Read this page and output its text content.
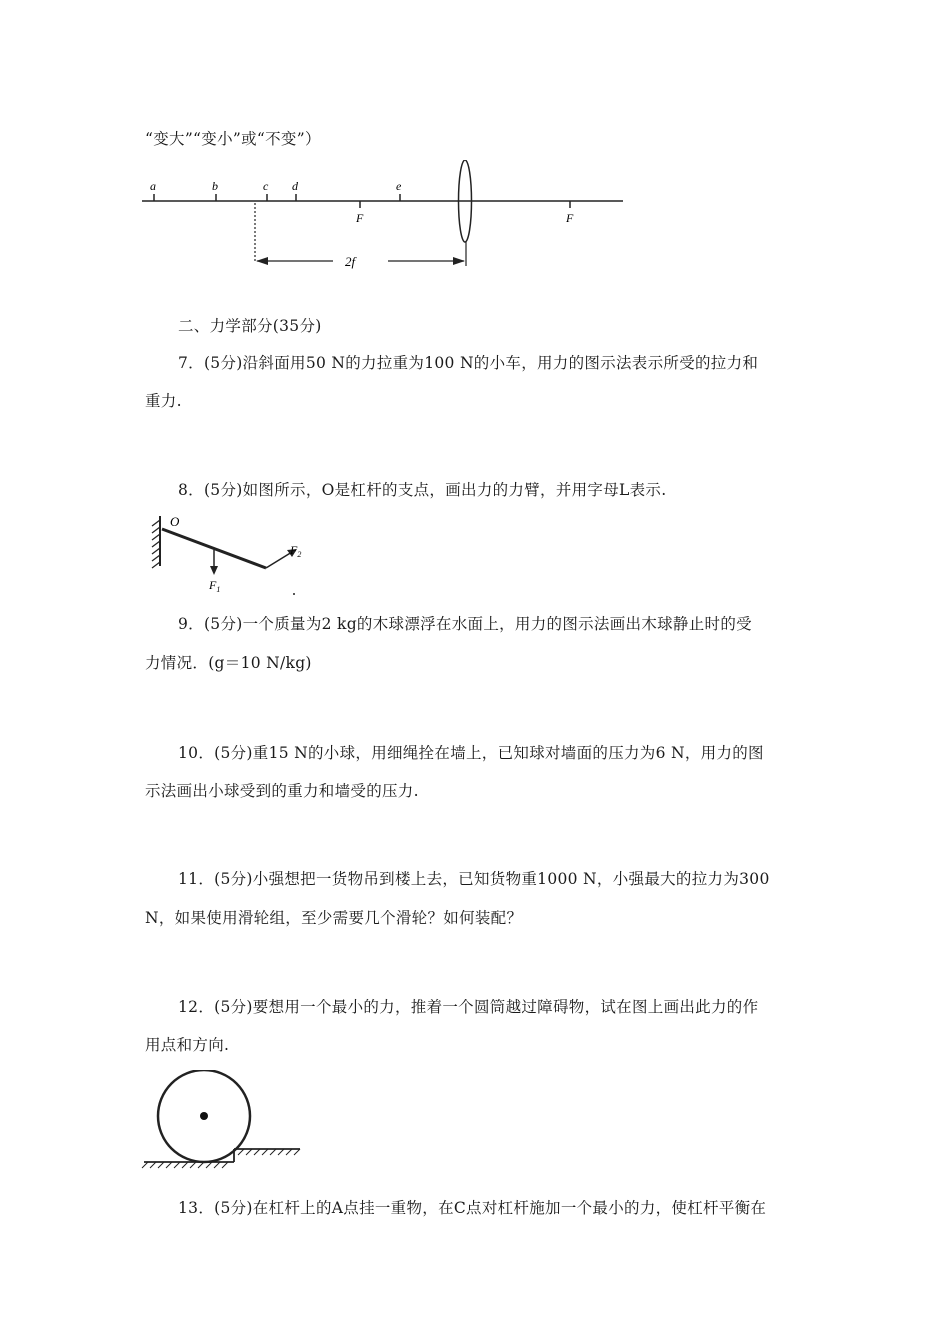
“变大”“变小”或“不变”）
a	b	c d	e
F	F
2f
二、力学部分(35分)
7．(5分)沿斜面用50 N的力拉重为100 N的小车，用力的图示法表示所受的拉力和
重力.
8．(5分)如图所示，O是杠杆的支点，画出力的力臂，并用字母L表示.
O
$F_1$
$F_2$
9．(5分)一个质量为2 kg的木球漂浮在水面上，用力的图示法画出木球静止时的受
力情况．(g＝10 N/kg)
10．(5分)重15 N的小球，用细绳拴在墙上，已知球对墙面的压力为6 N，用力的图
示法画出小球受到的重力和墙受的压力.
11．(5分)小强想把一货物吊到楼上去，已知货物重1000 N，小强最大的拉力为300
N，如果使用滑轮组，至少需要几个滑轮？如何装配？
12．(5分)要想用一个最小的力，推着一个圆筒越过障碍物，试在图上画出此力的作
用点和方向.
13．(5分)在杠杆上的A点挂一重物，在C点对杠杆施加一个最小的力，使杠杆平衡在
